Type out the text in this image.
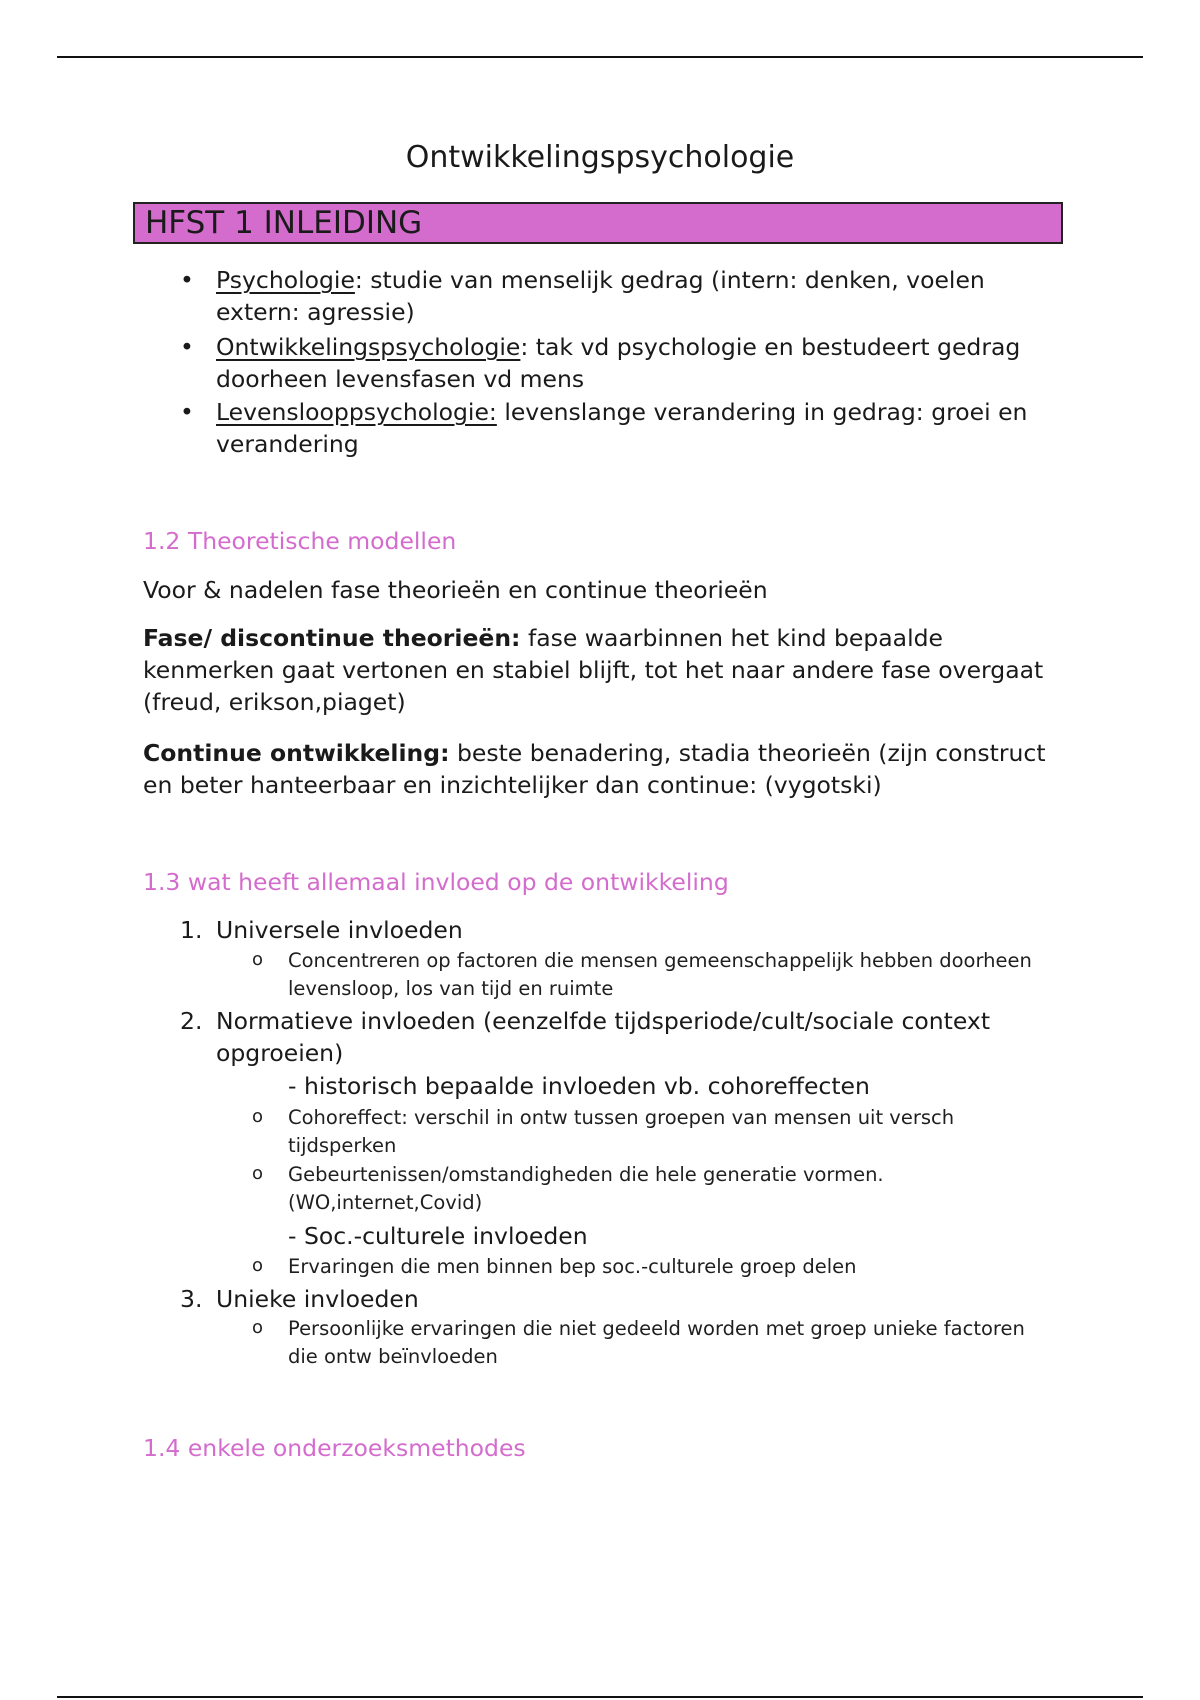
Ontwikkelingspsychologie
HFST 1 INLEIDING
• Psychologie: studie van menselijk gedrag (intern: denken, voelen extern: agressie)
• Ontwikkelingspsychologie: tak vd psychologie en bestudeert gedrag doorheen levensfasen vd mens
• Levenslooppsychologie: levenslange verandering in gedrag: groei en verandering
1.2 Theoretische modellen
Voor & nadelen fase theorieën en continue theorieën
Fase/ discontinue theorieën: fase waarbinnen het kind bepaalde kenmerken gaat vertonen en stabiel blijft, tot het naar andere fase overgaat (freud, erikson,piaget)
Continue ontwikkeling: beste benadering, stadia theorieën (zijn construct en beter hanteerbaar en inzichtelijker dan continue: (vygotski)
1.3 wat heeft allemaal invloed op de ontwikkeling
1. Universele invloeden
o Concentreren op factoren die mensen gemeenschappelijk hebben doorheen levensloop, los van tijd en ruimte
2. Normatieve invloeden (eenzelfde tijdsperiode/cult/sociale context opgroeien)
- historisch bepaalde invloeden vb. cohoreffecten
o Cohoreffect: verschil in ontw tussen groepen van mensen uit versch tijdsperken
o Gebeurtenissen/omstandigheden die hele generatie vormen. (WO,internet,Covid)
- Soc.-culturele invloeden
o Ervaringen die men binnen bep soc.-culturele groep delen
3. Unieke invloeden
o Persoonlijke ervaringen die niet gedeeld worden met groep unieke factoren die ontw beïnvloeden
1.4 enkele onderzoeksmethodes
